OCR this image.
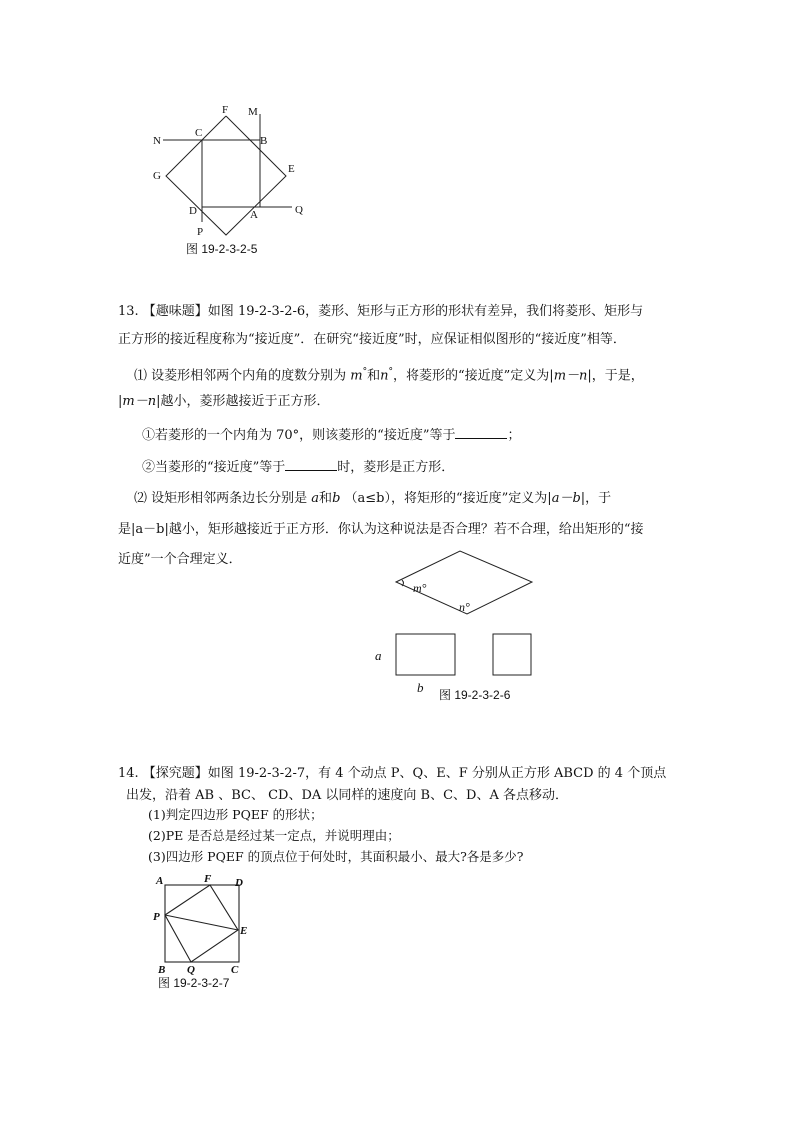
F M
N
C
B
G
E
D	A	Q
P
图 19-2-3-2-5
13. 【趣味题】如图 19-2-3-2-6，菱形、矩形与正方形的形状有差异，我们将菱形、矩形与
正方形的接近程度称为“接近度”．在研究“接近度”时，应保证相似图形的“接近度”相等．
⑴ 设菱形相邻两个内角的度数分别为 m°和n°，将菱形的“接近度”定义为|m－n|，于是，
|m－n|越小，菱形越接近于正方形．
①若菱形的一个内角为 70°，则该菱形的“接近度”等于	；
②当菱形的“接近度”等于	时，菱形是正方形．
⑵ 设矩形相邻两条边长分别是 a和b （a≤b），将矩形的“接近度”定义为|a－b|，于
是|a－b|越小，矩形越接近于正方形．你认为这种说法是否合理？若不合理，给出矩形的“接
近度”一个合理定义．
m°
n°
a
b 图 19-2-3-2-6
14. 【探究题】如图 19-2-3-2-7，有 4 个动点 P、Q、E、F 分别从正方形 ABCD 的 4 个顶点
出发，沿着 AB 、BC、 CD、DA 以同样的速度向 B、C、D、A 各点移动．
(1)判定四边形 PQEF 的形状；
(2)PE 是否总是经过某一定点，并说明理由；
(3)四边形 PQEF 的顶点位于何处时，其面积最小、最大?各是多少?
A	F D
P
E
B Q	C
图 19-2-3-2-7
